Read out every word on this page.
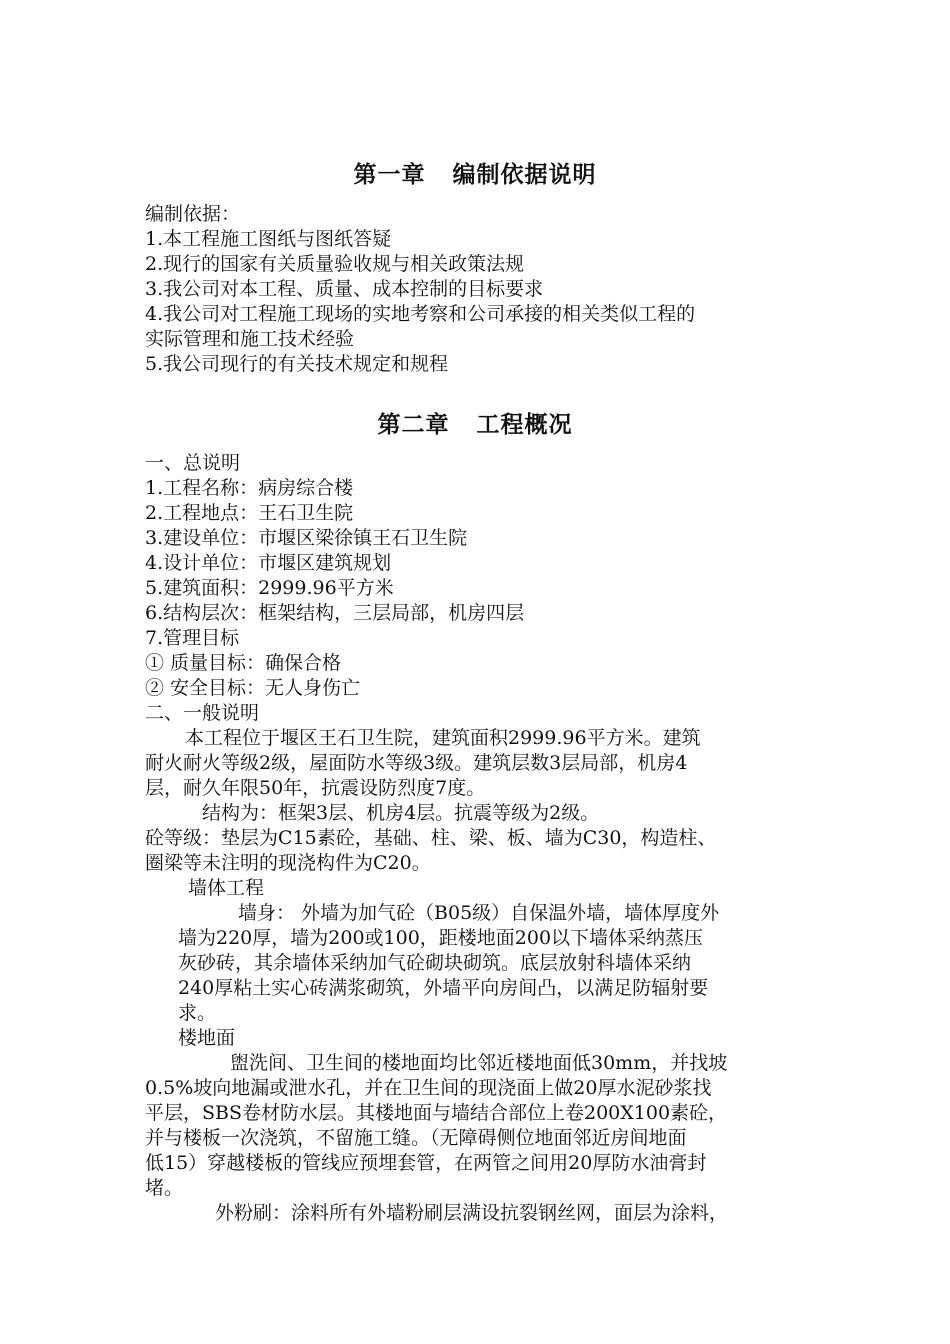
第一章   编制依据说明
编制依据：
1.本工程施工图纸与图纸答疑
2.现行的国家有关质量验收规与相关政策法规
3.我公司对本工程、质量、成本控制的目标要求
4.我公司对工程施工现场的实地考察和公司承接的相关类似工程的
实际管理和施工技术经验
5.我公司现行的有关技术规定和规程
第二章   工程概况
一、总说明
1.工程名称：病房综合楼
2.工程地点：王石卫生院
3.建设单位：市堰区梁徐镇王石卫生院
4.设计单位：市堰区建筑规划
5.建筑面积：2999.96平方米
6.结构层次：框架结构，三层局部，机房四层
7.管理目标
① 质量目标：确保合格
② 安全目标：无人身伤亡
二、一般说明
本工程位于堰区王石卫生院，建筑面积2999.96平方米。建筑
耐火耐火等级2级，屋面防水等级3级。建筑层数3层局部，机房4
层，耐久年限50年，抗震设防烈度7度。
结构为：框架3层、机房4层。抗震等级为2级。
砼等级：垫层为C15素砼，基础、柱、梁、板、墙为C30，构造柱、
圈梁等未注明的现浇构件为C20。
墙体工程
墙身： 外墙为加气砼（B05级）自保温外墙，墙体厚度外
墙为220厚，墙为200或100，距楼地面200以下墙体采纳蒸压
灰砂砖，其余墙体采纳加气砼砌块砌筑。底层放射科墙体采纳
240厚粘土实心砖满浆砌筑，外墙平向房间凸，以满足防辐射要
求。
楼地面
盥洗间、卫生间的楼地面均比邻近楼地面低30mm，并找坡
0.5%坡向地漏或泄水孔，并在卫生间的现浇面上做20厚水泥砂浆找
平层，SBS卷材防水层。其楼地面与墙结合部位上卷200X100素砼，
并与楼板一次浇筑，不留施工缝。（无障碍侧位地面邻近房间地面
低15）穿越楼板的管线应预埋套管，在两管之间用20厚防水油膏封
堵。
外粉刷：涂料所有外墙粉刷层满设抗裂钢丝网，面层为涂料，
